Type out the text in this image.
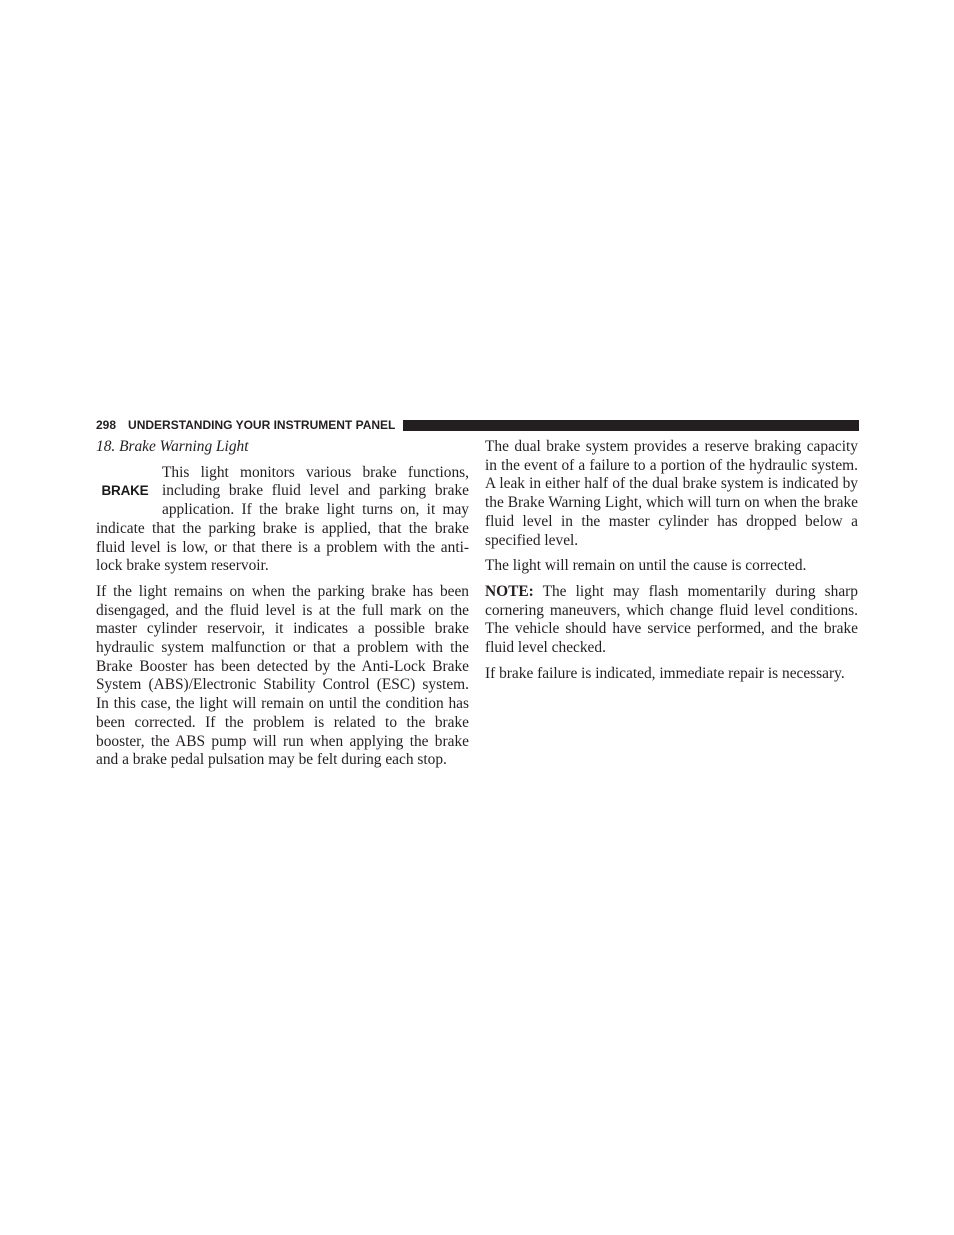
298 UNDERSTANDING YOUR INSTRUMENT PANEL

18. Brake Warning Light

BRAKE
This light monitors various brake functions, including brake fluid level and parking brake application. If the brake light turns on, it may indicate that the parking brake is applied, that the brake fluid level is low, or that there is a problem with the anti-lock brake system reservoir.

If the light remains on when the parking brake has been disengaged, and the fluid level is at the full mark on the master cylinder reservoir, it indicates a possible brake hydraulic system malfunction or that a problem with the Brake Booster has been detected by the Anti-Lock Brake System (ABS)/Electronic Stability Control (ESC) system. In this case, the light will remain on until the condition has been corrected. If the problem is related to the brake booster, the ABS pump will run when applying the brake and a brake pedal pulsation may be felt during each stop.

The dual brake system provides a reserve braking capacity in the event of a failure to a portion of the hydraulic system. A leak in either half of the dual brake system is indicated by the Brake Warning Light, which will turn on when the brake fluid level in the master cylinder has dropped below a specified level.

The light will remain on until the cause is corrected.

NOTE: The light may flash momentarily during sharp cornering maneuvers, which change fluid level conditions. The vehicle should have service performed, and the brake fluid level checked.

If brake failure is indicated, immediate repair is necessary.
